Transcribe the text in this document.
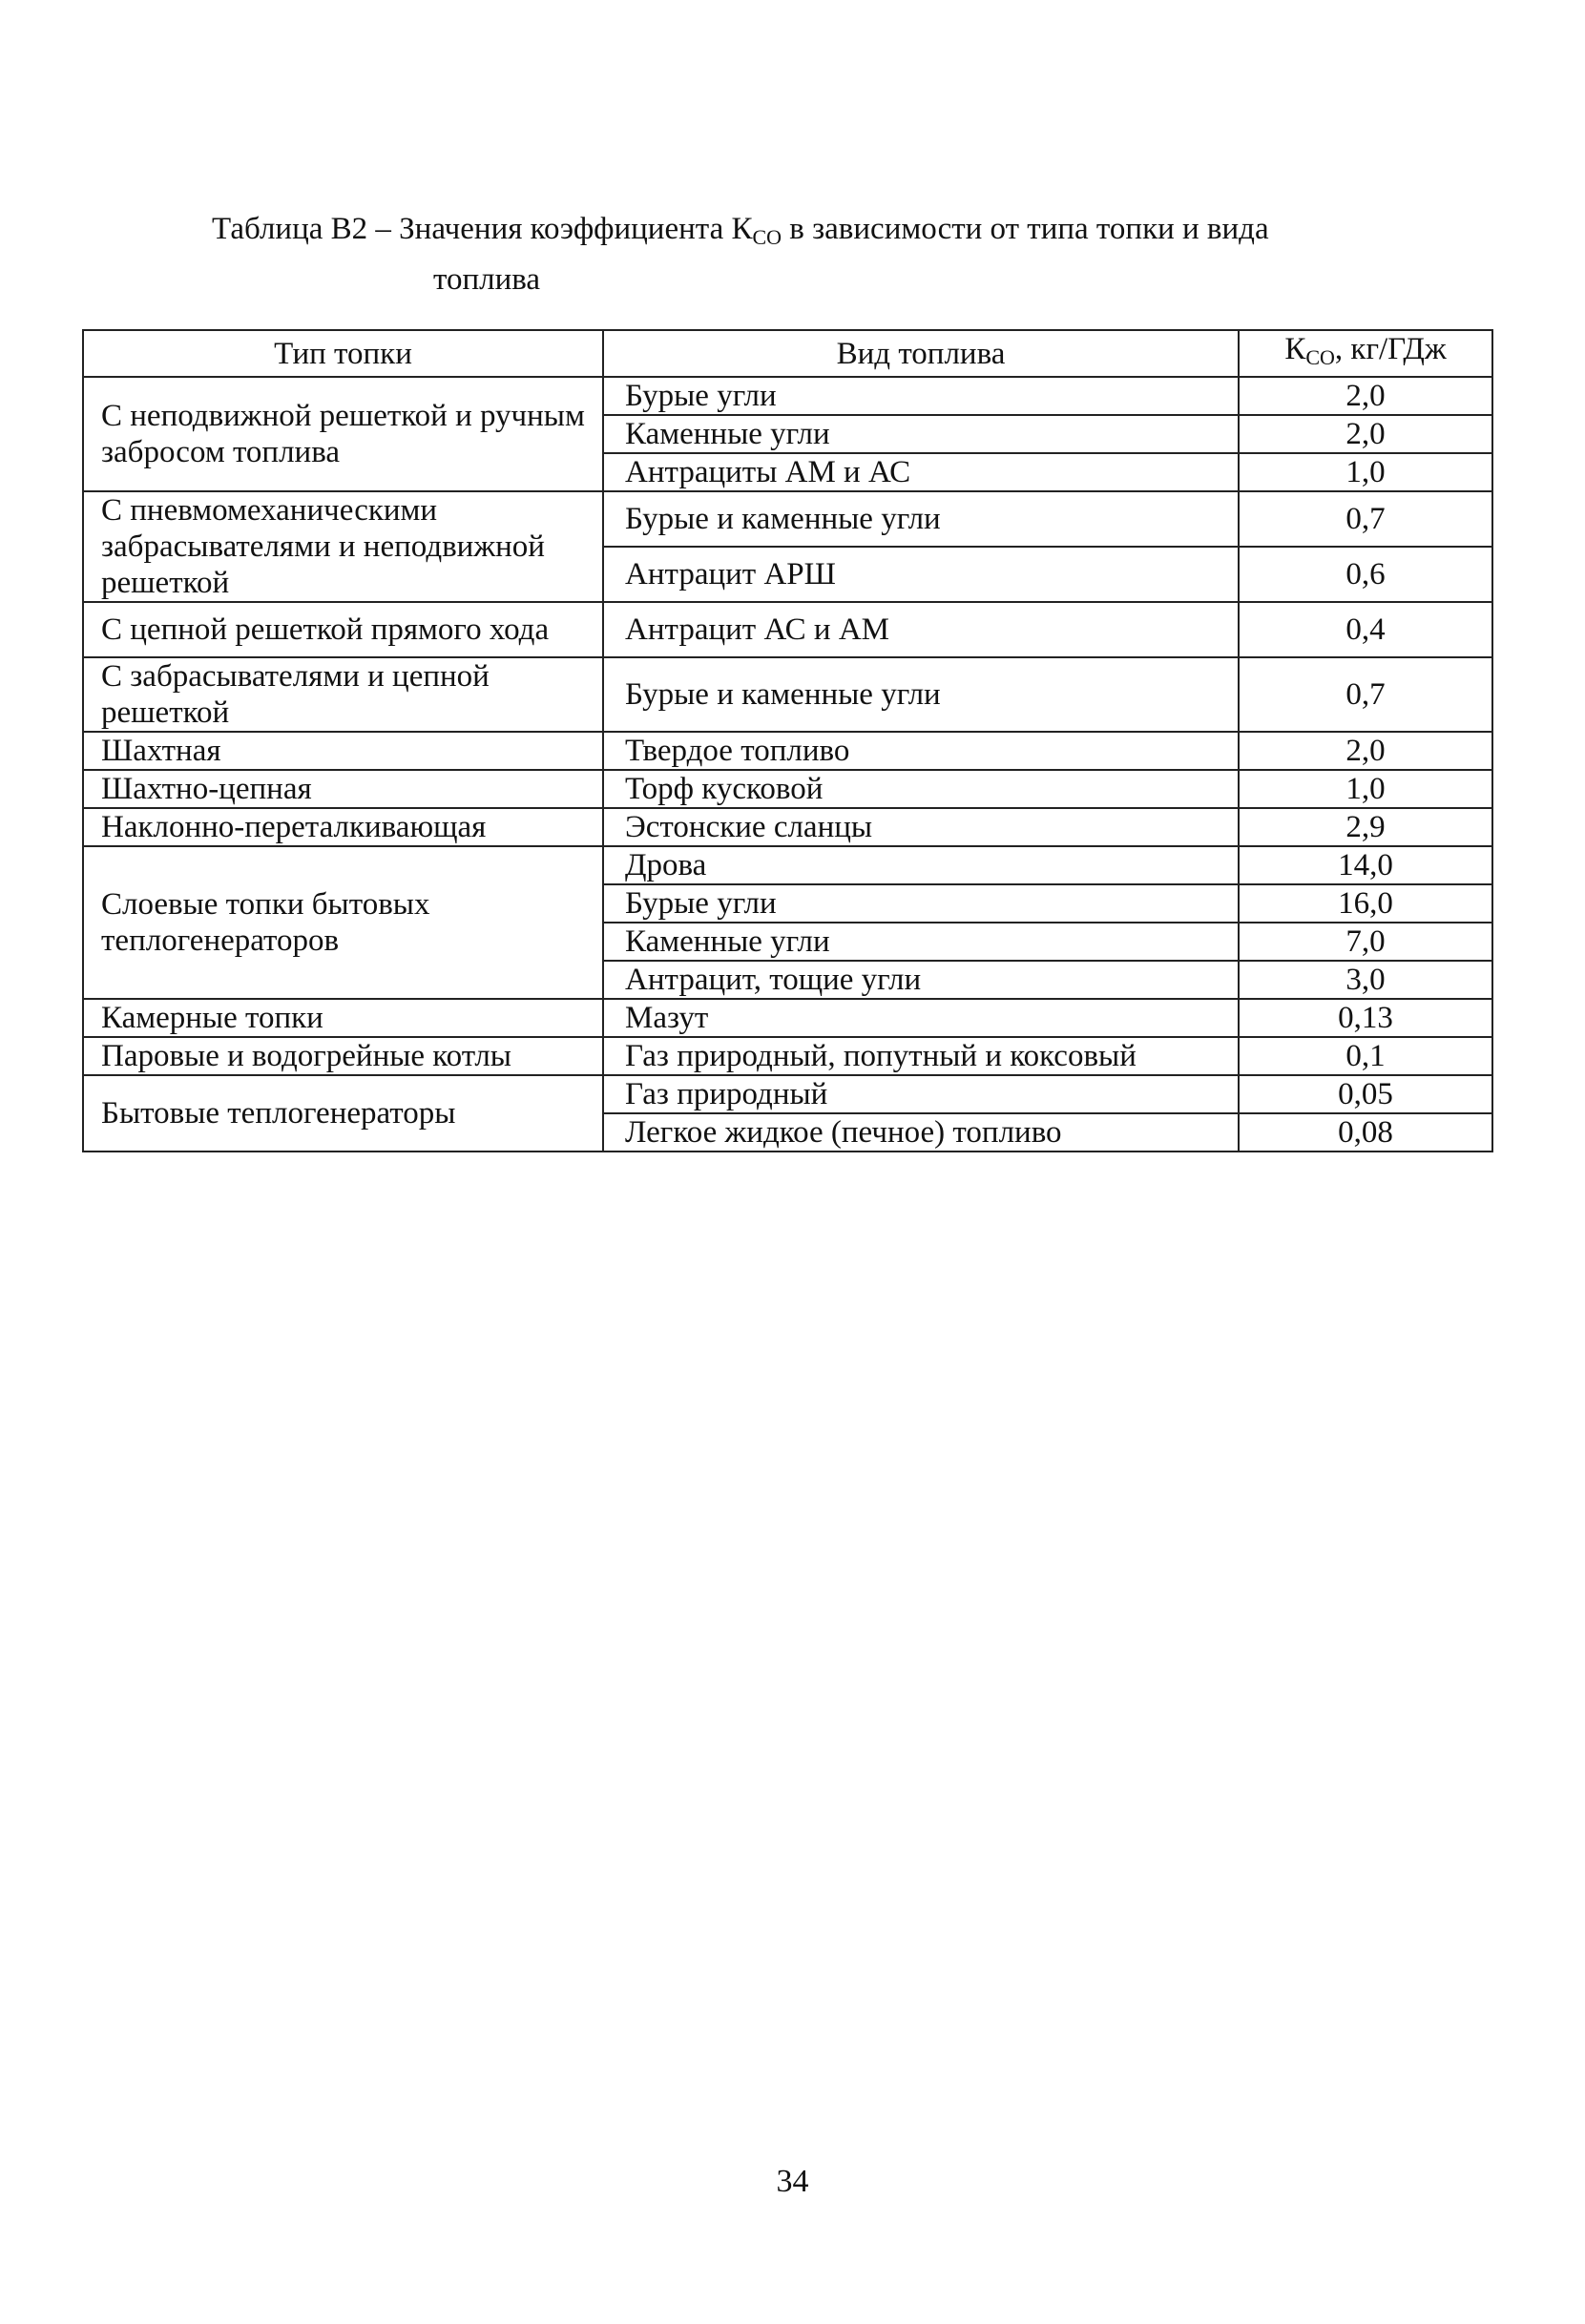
Таблица В2 – Значения коэффициента $К_{СО}$ в зависимости от типа топки и вида
топлива
Тип топки	Вид топлива	$К_{СО}$, кг/ГДж
С неподвижной решеткой и ручным забросом топлива	Бурые угли	2,0
	Каменные угли	2,0
	Антрациты АМ и АС	1,0
С пневмомеханическими забрасывателями и неподвижной решеткой	Бурые и каменные угли	0,7
	Антрацит АРШ	0,6
С цепной решеткой прямого хода	Антрацит АС и АМ	0,4
С забрасывателями и цепной решеткой	Бурые и каменные угли	0,7
Шахтная	Твердое топливо	2,0
Шахтно-цепная	Торф кусковой	1,0
Наклонно-переталкивающая	Эстонские сланцы	2,9
Слоевые топки бытовых теплогенераторов	Дрова	14,0
	Бурые угли	16,0
	Каменные угли	7,0
	Антрацит, тощие угли	3,0
Камерные топки	Мазут	0,13
Паровые и водогрейные котлы	Газ природный, попутный и коксовый	0,1
Бытовые теплогенераторы	Газ природный	0,05
	Легкое жидкое (печное) топливо	0,08
34
